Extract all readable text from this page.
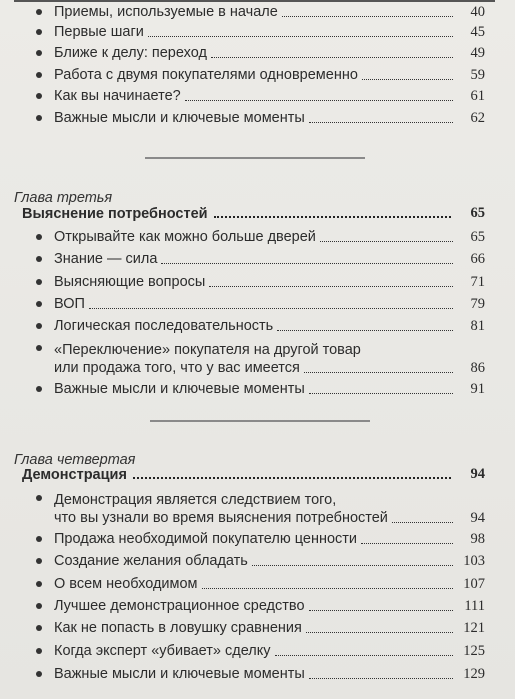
Приемы, используемые в начале	40
Первые шаги	45
Ближе к делу: переход	49
Работа с двумя покупателями одновременно	59
Как вы начинаете?	61
Важные мысли и ключевые моменты	62
Глава третья
Выяснение потребностей	65
Открывайте как можно больше дверей	65
Знание — сила	66
Выясняющие вопросы	71
ВОП	79
Логическая последовательность	81
«Переключение» покупателя на другой товар
или продажа того, что у вас имеется	86
Важные мысли и ключевые моменты	91
Глава четвертая
Демонстрация	94
Демонстрация является следствием того,
что вы узнали во время выяснения потребностей	94
Продажа необходимой покупателю ценности	98
Создание желания обладать	103
О всем необходимом	107
Лучшее демонстрационное средство	111
Как не попасть в ловушку сравнения	121
Когда эксперт «убивает» сделку	125
Важные мысли и ключевые моменты	129
